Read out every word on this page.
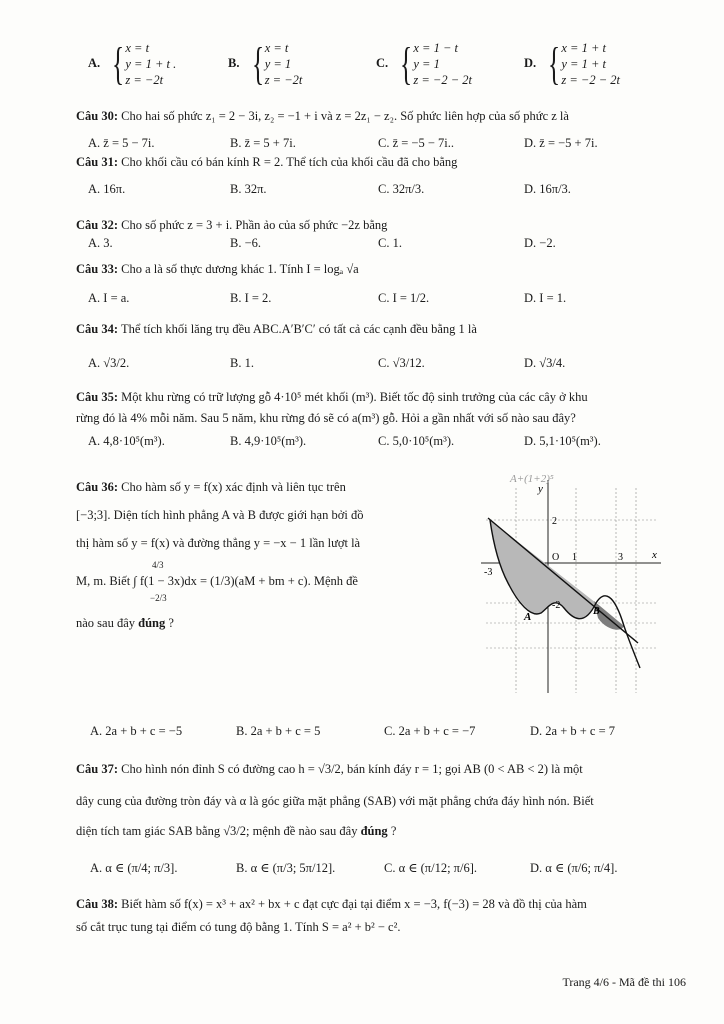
A. { x = t
y = 1 + t .
z = −2t
B. { x = t
y = 1
z = −2t
C. { x = 1 − t
y = 1
z = −2 − 2t
D. { x = 1 + t
y = 1 + t
z = −2 − 2t
Câu 30: Cho hai số phức z₁ = 2 − 3i, z₂ = −1 + i và z = 2z₁ − z₂. Số phức liên hợp của số phức z là
A. z̄ = 5 − 7i.	B. z̄ = 5 + 7i.	C. z̄ = −5 − 7i..	D. z̄ = −5 + 7i.
Câu 31: Cho khối cầu có bán kính R = 2. Thể tích của khối cầu đã cho bằng
A. 16π.	B. 32π.	C. 32π/3.	D. 16π/3.
Câu 32: Cho số phức z = 3 + i. Phần ảo của số phức −2z bằng
A. 3.	B. −6.	C. 1.	D. −2.
Câu 33: Cho a là số thực dương khác 1. Tính I = logₐ √a
A. I = a.	B. I = 2.	C. I = 1/2.	D. I = 1.
Câu 34: Thể tích khối lăng trụ đều ABC.A′B′C′ có tất cả các cạnh đều bằng 1 là
A. √3/2.	B. 1.	C. √3/12.	D. √3/4.
Câu 35: Một khu rừng có trữ lượng gỗ 4·10⁵ mét khối (m³). Biết tốc độ sinh trưởng của các cây ở khu
rừng đó là 4% mỗi năm. Sau 5 năm, khu rừng đó sẽ có a(m³) gỗ. Hỏi a gần nhất với số nào sau đây?
A. 4,8·10⁵(m³).	B. 4,9·10⁵(m³).	C. 5,0·10⁵(m³).	D. 5,1·10⁵(m³).
Câu 36: Cho hàm số y = f(x) xác định và liên tục trên
[−3;3]. Diện tích hình phẳng A và B được giới hạn bởi đồ
thị hàm số y = f(x) và đường thẳng y = −x − 1 lần lượt là
4/3
M, m. Biết ∫ f(1 − 3x)dx = (1/3)(aM + bm + c). Mệnh đề
−2/3
nào sau đây đúng ?
A+(1+2)⁵
y
x
2
O 1	3
-3
-2
A	B
A. 2a + b + c = −5	B. 2a + b + c = 5	C. 2a + b + c = −7	D. 2a + b + c = 7
Câu 37: Cho hình nón đỉnh S có đường cao h = √3/2, bán kính đáy r = 1; gọi AB (0 < AB < 2) là một
dây cung của đường tròn đáy và α là góc giữa mặt phẳng (SAB) với mặt phẳng chứa đáy hình nón. Biết
diện tích tam giác SAB bằng √3/2; mệnh đề nào sau đây đúng ?
A. α ∈ (π/4; π/3].	B. α ∈ (π/3; 5π/12].	C. α ∈ (π/12; π/6].	D. α ∈ (π/6; π/4].
Câu 38: Biết hàm số f(x) = x³ + ax² + bx + c đạt cực đại tại điểm x = −3, f(−3) = 28 và đồ thị của hàm
số cắt trục tung tại điểm có tung độ bằng 1. Tính S = a² + b² − c².
Trang 4/6 - Mã đề thi 106
